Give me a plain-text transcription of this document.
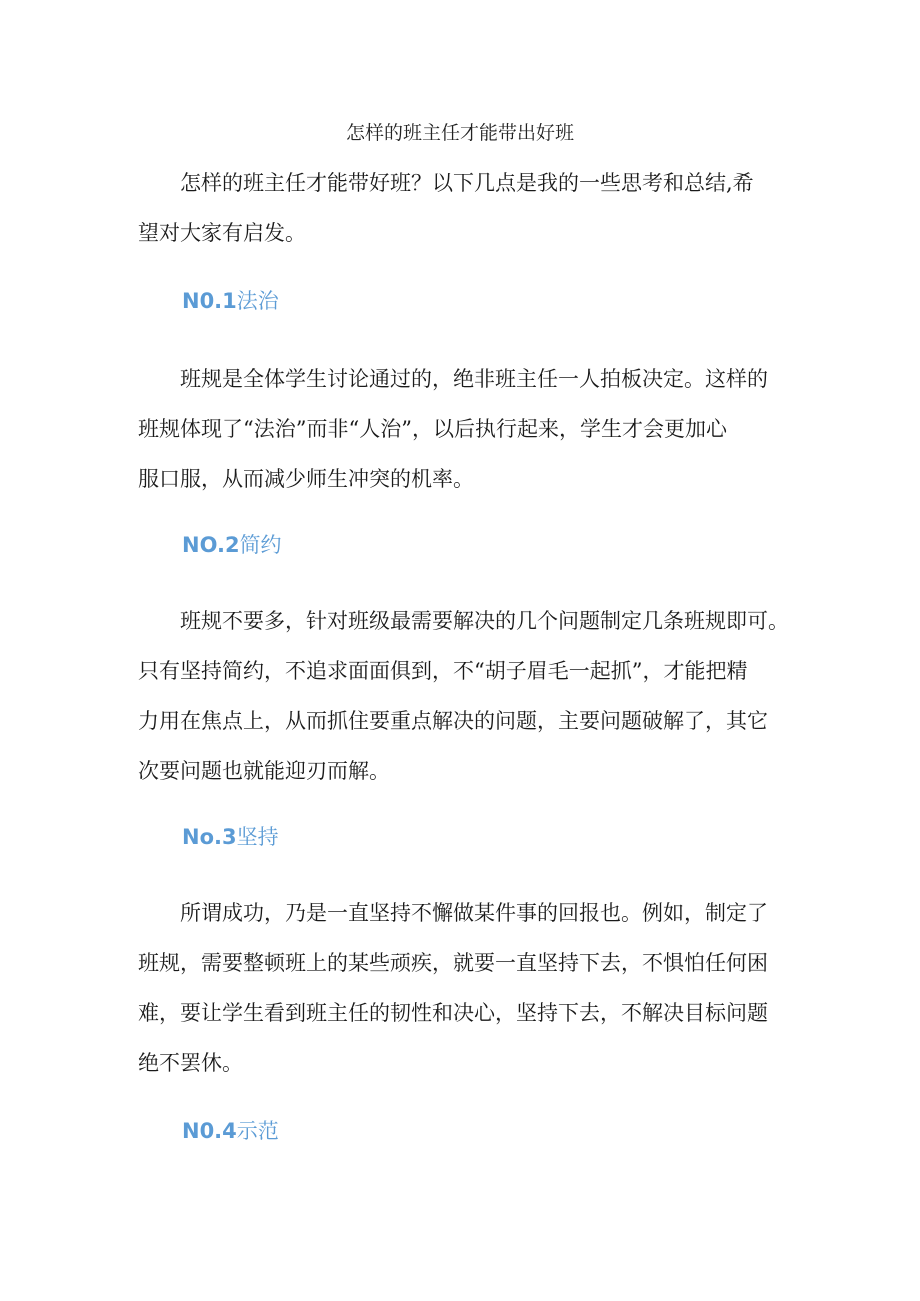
怎样的班主任才能带出好班

怎样的班主任才能带好班？以下几点是我的一些思考和总结,希
望对大家有启发。

N0.1法治

班规是全体学生讨论通过的，绝非班主任一人拍板决定。这样的
班规体现了“法治”而非“人治”，以后执行起来，学生才会更加心
服口服，从而减少师生冲突的机率。

NO.2简约

班规不要多，针对班级最需要解决的几个问题制定几条班规即可。
只有坚持简约，不追求面面俱到，不“胡子眉毛一起抓”，才能把精
力用在焦点上，从而抓住要重点解决的问题，主要问题破解了，其它
次要问题也就能迎刃而解。

No.3坚持

所谓成功，乃是一直坚持不懈做某件事的回报也。例如，制定了
班规，需要整顿班上的某些顽疾，就要一直坚持下去，不惧怕任何困
难，要让学生看到班主任的韧性和决心，坚持下去，不解决目标问题
绝不罢休。

N0.4示范
